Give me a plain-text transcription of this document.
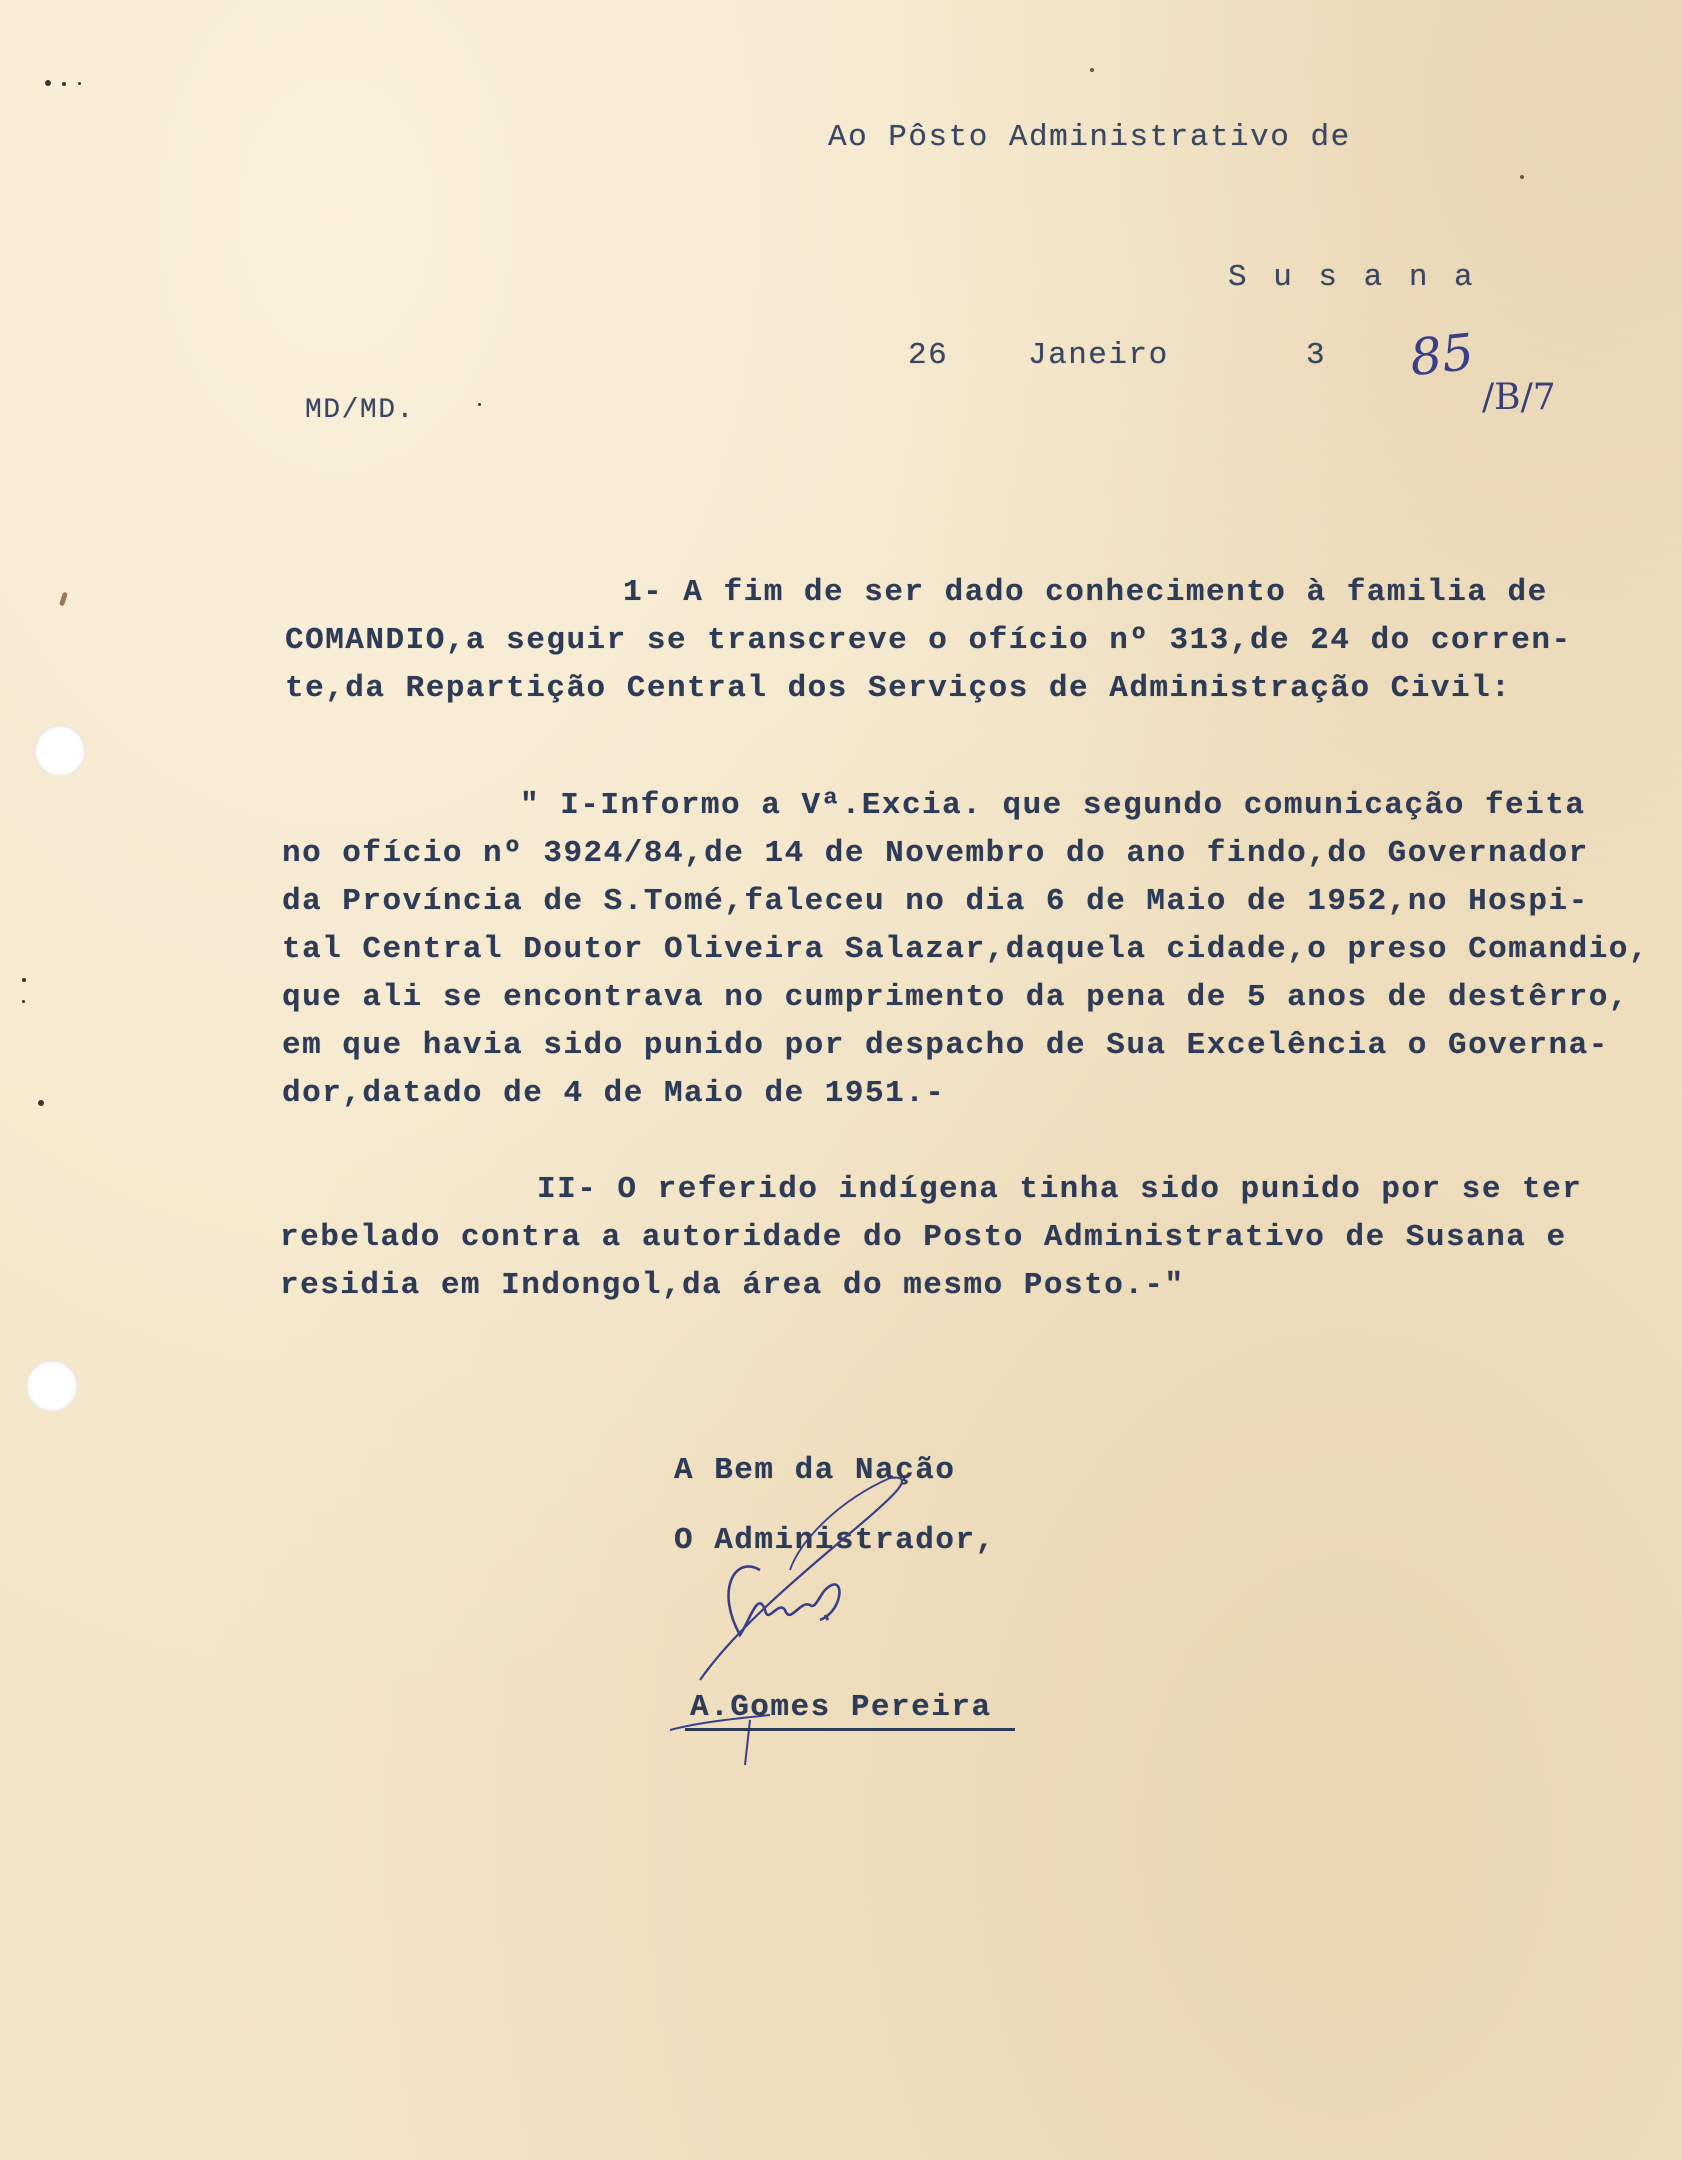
Ao Pôsto Administrativo de

S u s a n a

26	Janeiro	3 85

/B/7

MD/MD.

1- A fim de ser dado conhecimento à familia de

COMANDIO,a seguir se transcreve o ofício nº 313,de 24 do corren-

te,da Repartição Central dos Serviços de Administração Civil:

" I-Informo a Vª.Excia. que segundo comunicação feita

no ofício nº 3924/84,de 14 de Novembro do ano findo,do Governador

da Província de S.Tomé,faleceu no dia 6 de Maio de 1952,no Hospi-

tal Central Doutor Oliveira Salazar,daquela cidade,o preso Comandio,

que ali se encontrava no cumprimento da pena de 5 anos de destêrro,

em que havia sido punido por despacho de Sua Excelência o Governa-

dor,datado de 4 de Maio de 1951.-

II- O referido indígena tinha sido punido por se ter

rebelado contra a autoridade do Posto Administrativo de Susana e

residia em Indongol,da área do mesmo Posto.-"

A Bem da Nação

O Administrador,

A.Gomes Pereira
